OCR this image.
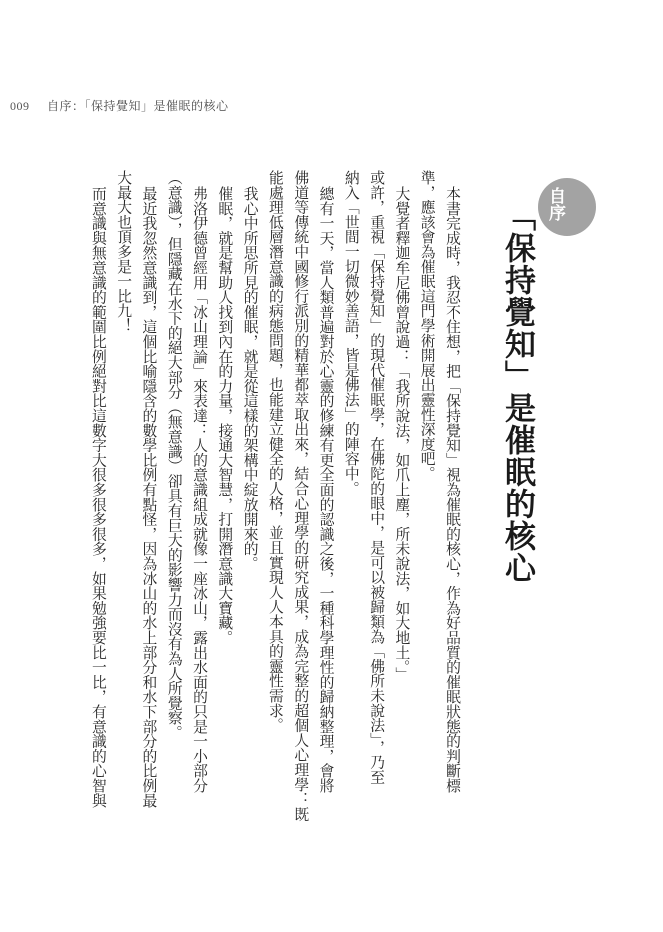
009 自序：「保持覺知」是催眠的核心
自序
「保持覺知」是催眠的核心
本書完成時，我忍不住想，把「保持覺知」視為催眠的核心，作為好品質的催眠狀態的判斷標
準，應該會為催眠這門學術開展出靈性深度吧。
大覺者釋迦牟尼佛曾說過：「我所說法，如爪上塵，所未說法，如大地土。」
或許，重視「保持覺知」的現代催眠學，在佛陀的眼中，是可以被歸類為「佛所未說法」，乃至
納入「世間一切微妙善語，皆是佛法」的陣容中。
總有一天，當人類普遍對於心靈的修練有更全面的認識之後，一種科學理性的歸納整理，會將
佛道等傳統中國修行派別的精華都萃取出來，結合心理學的研究成果，成為完整的超個人心理學：既
能處理低層潛意識的病態問題，也能建立健全的人格，並且實現人人本具的靈性需求。
我心中所思所見的催眠，就是從這樣的架構中綻放開來的。
催眠，就是幫助人找到內在的力量，接通大智慧，打開潛意識大寶藏。
弗洛伊德曾經用「冰山理論」來表達：人的意識組成就像一座冰山，露出水面的只是一小部分
（意識），但隱藏在水下的絕大部分（無意識）卻具有巨大的影響力而沒有為人所覺察。
最近我忽然意識到，這個比喻隱含的數學比例有點怪，因為冰山的水上部分和水下部分的比例最
大最大也頂多是一比九！
而意識與無意識的範圍比例絕對比這數字大很多很多很多，如果勉強要比一比，有意識的心智與
